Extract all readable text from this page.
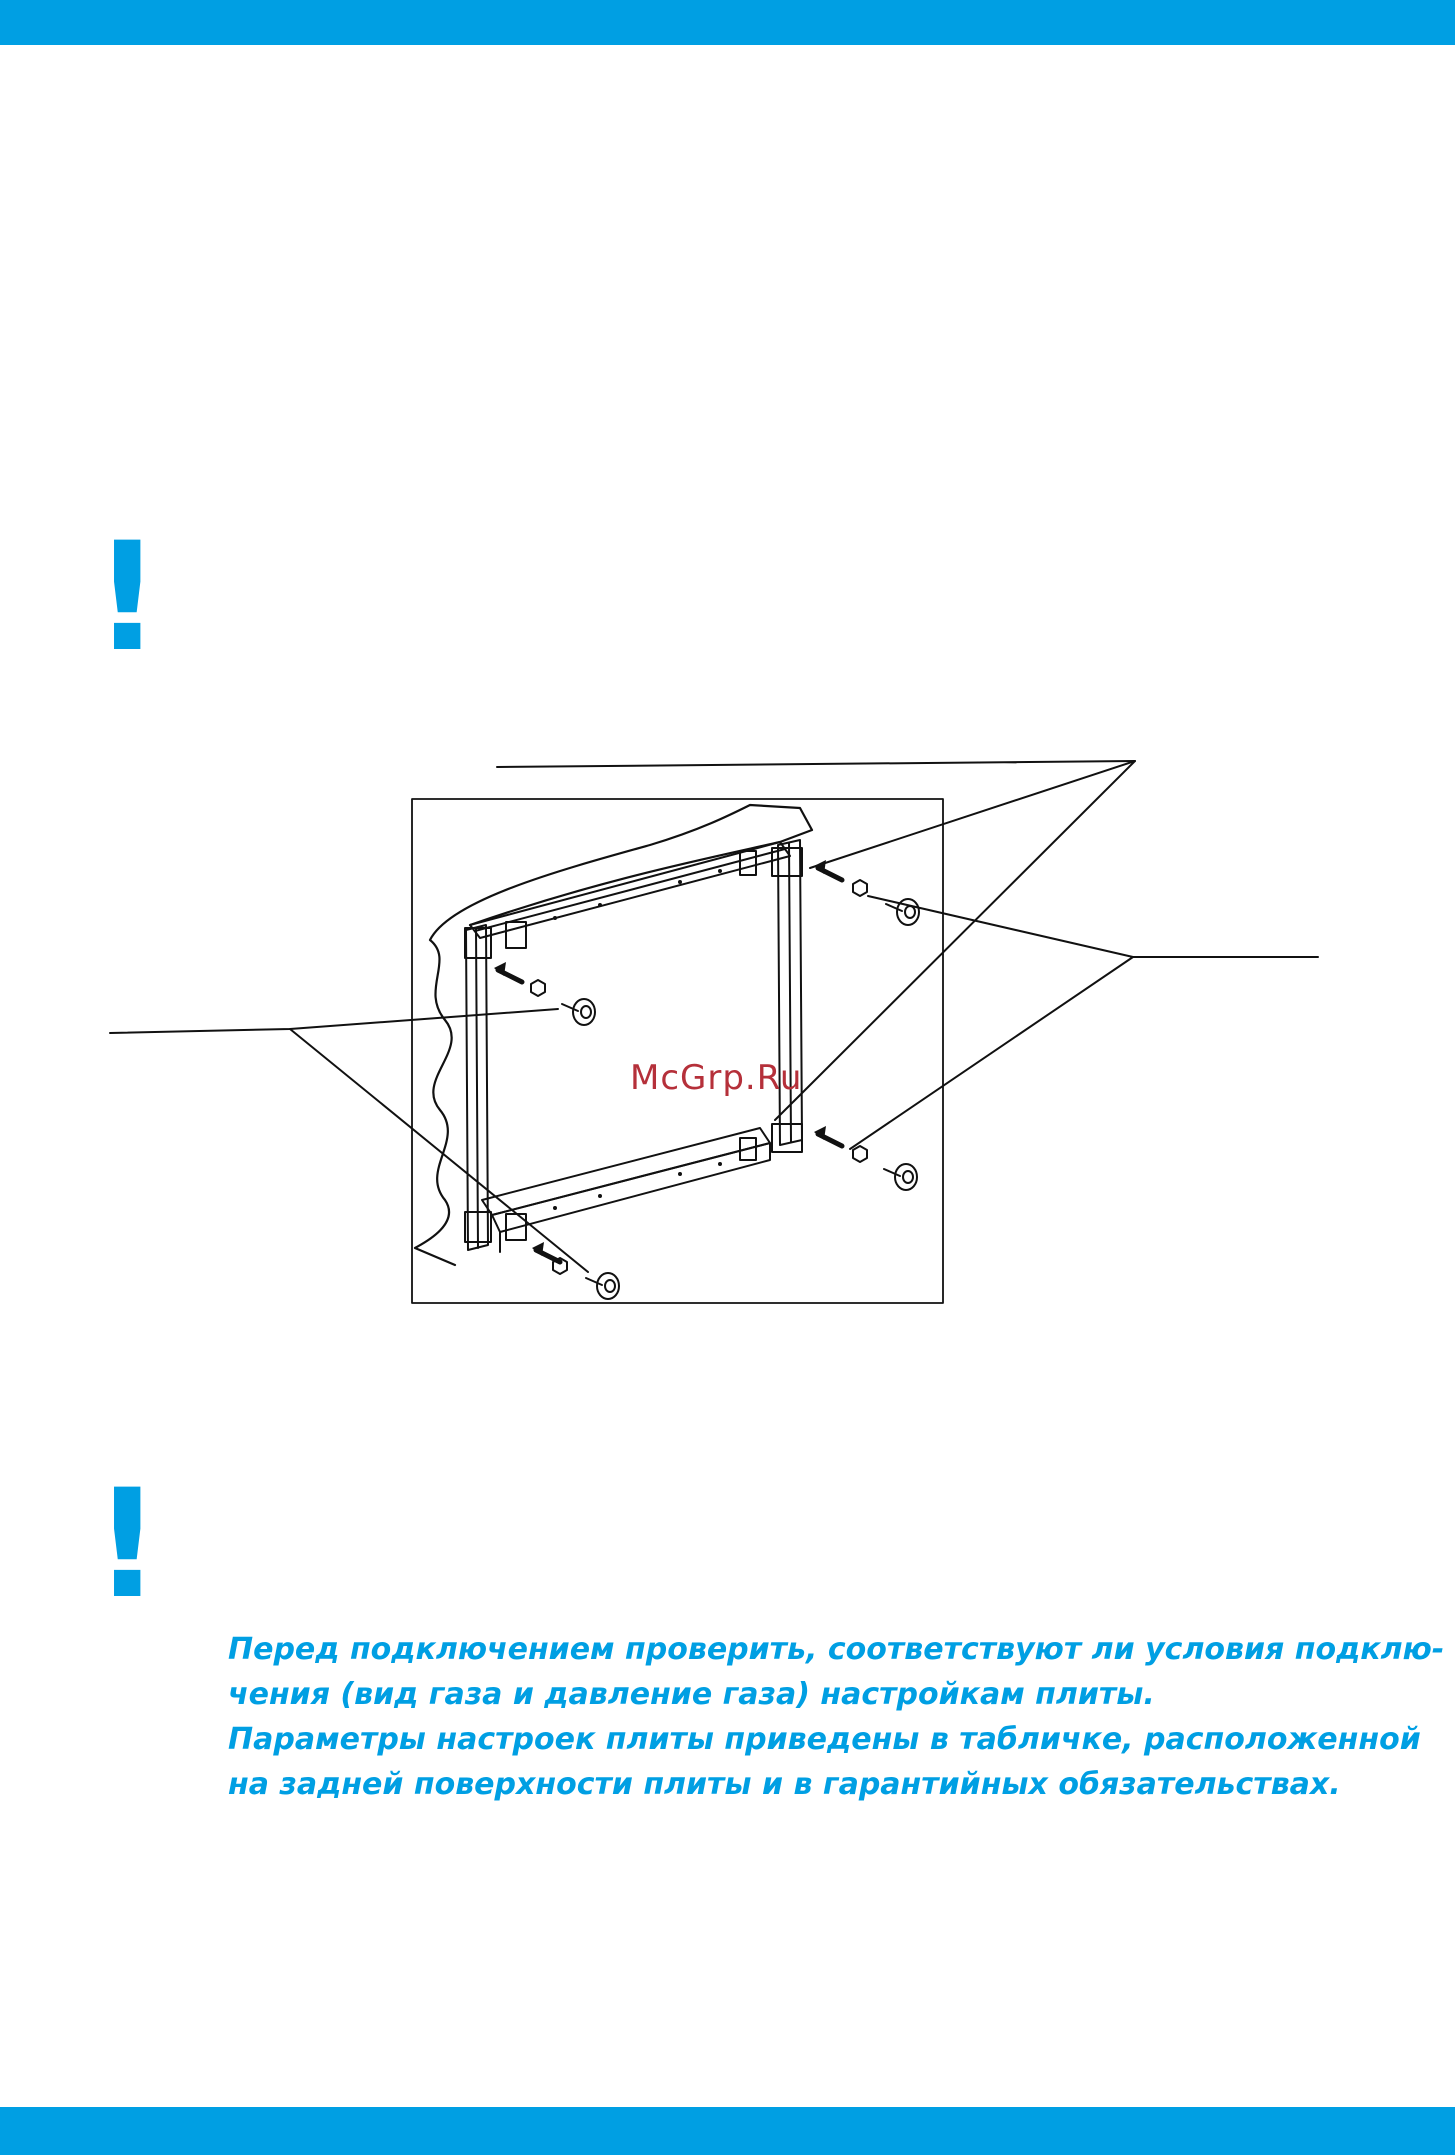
!
McGrp.Ru
!
Перед подключением проверить, соответствуют ли условия подклю-
чения (вид газа и давление газа) настройкам плиты.
Параметры настроек плиты приведены в табличке, расположенной
на задней поверхности плиты и в гарантийных обязательствах.
